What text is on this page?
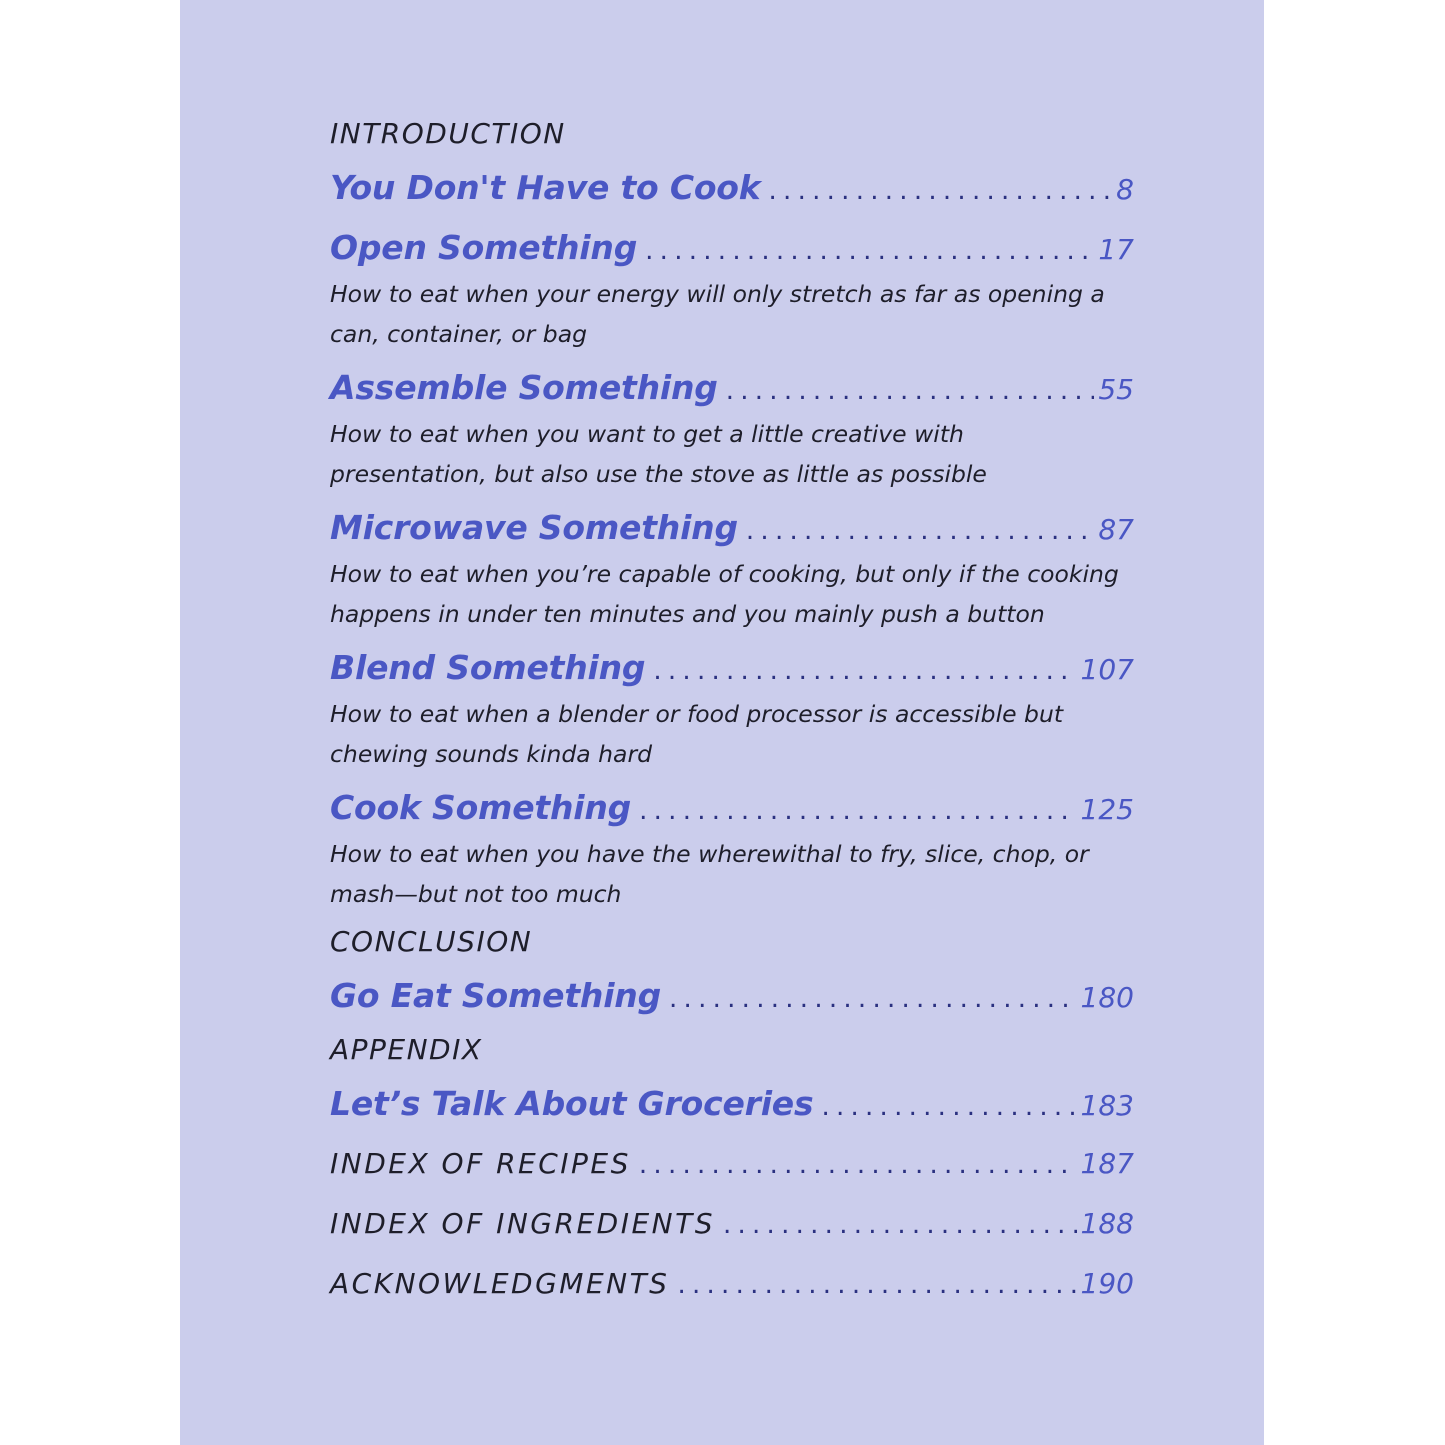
INTRODUCTION
You Don't Have to Cook . . .	8
Open Something . . .	17
How to eat when your energy will only stretch as far as opening a can, container, or bag
Assemble Something . . .	55
How to eat when you want to get a little creative with presentation, but also use the stove as little as possible
Microwave Something . . .	87
How to eat when you’re capable of cooking, but only if the cooking happens in under ten minutes and you mainly push a button
Blend Something . . .	107
How to eat when a blender or food processor is accessible but chewing sounds kinda hard
Cook Something . . .	125
How to eat when you have the wherewithal to fry, slice, chop, or mash—but not too much
CONCLUSION
Go Eat Something . . .	180
APPENDIX
Let’s Talk About Groceries . . .	183
INDEX OF RECIPES . . .	187
INDEX OF INGREDIENTS . . .	188
ACKNOWLEDGMENTS . . .	190
